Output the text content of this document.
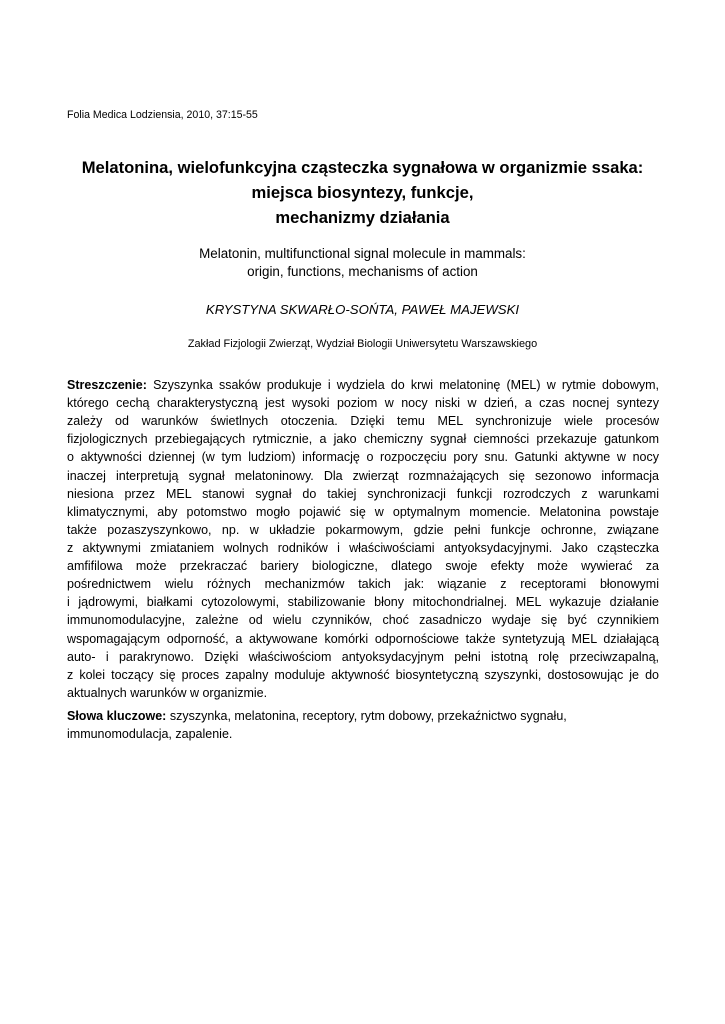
Folia Medica Lodziensia, 2010, 37:15-55
Melatonina, wielofunkcyjna cząsteczka sygnałowa w organizmie ssaka:
miejsca biosyntezy, funkcje,
mechanizmy działania
Melatonin, multifunctional signal molecule in mammals:
origin, functions, mechanisms of action
KRYSTYNA SKWARŁO-SOŃTA, PAWEŁ MAJEWSKI
Zakład Fizjologii Zwierząt, Wydział Biologii Uniwersytetu Warszawskiego
Streszczenie: Szyszynka ssaków produkuje i wydziela do krwi melatoninę (MEL) w rytmie dobowym,
którego cechą charakterystyczną jest wysoki poziom w nocy niski w dzień, a czas nocnej syntezy
zależy od warunków świetlnych otoczenia. Dzięki temu MEL synchronizuje wiele procesów
fizjologicznych przebiegających rytmicznie, a jako chemiczny sygnał ciemności przekazuje gatunkom
o aktywności dziennej (w tym ludziom) informację o rozpoczęciu pory snu. Gatunki aktywne w nocy
inaczej interpretują sygnał melatoninowy. Dla zwierząt rozmnażających się sezonowo informacja
niesiona przez MEL stanowi sygnał do takiej synchronizacji funkcji rozrodczych z warunkami
klimatycznymi, aby potomstwo mogło pojawić się w optymalnym momencie. Melatonina powstaje
także pozaszyszynkowo, np. w układzie pokarmowym, gdzie pełni funkcje ochronne, związane
z aktywnymi zmiataniem wolnych rodników i właściwościami antyoksydacyjnymi. Jako cząsteczka
amfifilowa może przekraczać bariery biologiczne, dlatego swoje efekty może wywierać za
pośrednictwem wielu różnych mechanizmów takich jak: wiązanie z receptorami błonowymi
i jądrowymi, białkami cytozolowymi, stabilizowanie błony mitochondrialnej. MEL wykazuje działanie
immunomodulacyjne, zależne od wielu czynników, choć zasadniczo wydaje się być czynnikiem
wspomagającym odporność, a aktywowane komórki odpornościowe także syntetyzują MEL działającą
auto- i parakrynowo. Dzięki właściwościom antyoksydacyjnym pełni istotną rolę przeciwzapalną,
z kolei toczący się proces zapalny moduluje aktywność biosyntetyczną szyszynki, dostosowując je do
aktualnych warunków w organizmie.
Słowa kluczowe: szyszynka, melatonina, receptory, rytm dobowy, przekaźnictwo sygnału,
immunomodulacja, zapalenie.
